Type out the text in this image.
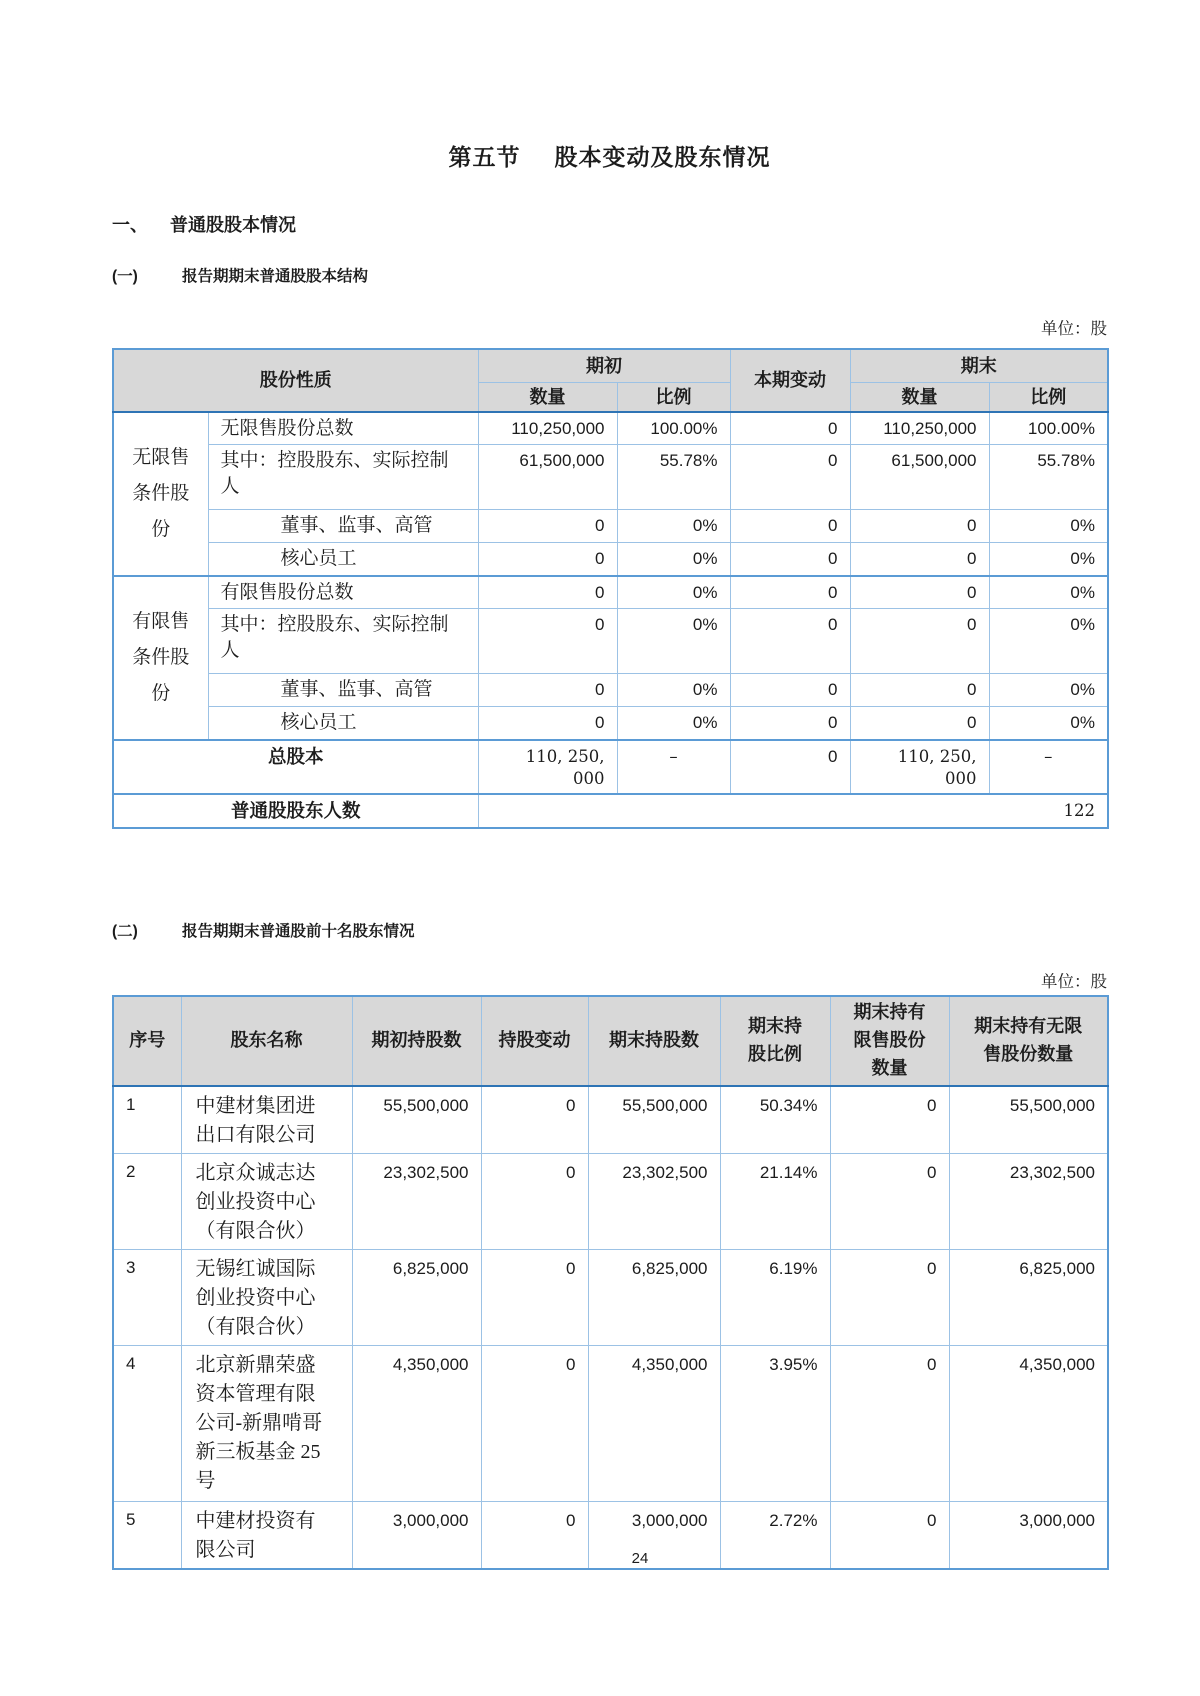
第五节 股本变动及股东情况
一、	普通股股本情况
(一)	报告期期末普通股股本结构
单位：股
股份性质		期初		本期变动	期末	
		数量	比例		数量	比例
无限售条件股份	无限售股份总数	110,250,000	100.00%	0	110,250,000	100.00%
	其中：控股股东、实际控制人	61,500,000	55.78%	0	61,500,000	55.78%
	董事、监事、高管	0	0%	0	0	0%
	核心员工	0	0%	0	0	0%
有限售条件股份	有限售股份总数	0	0%	0	0	0%
	其中：控股股东、实际控制人	0	0%	0	0	0%
	董事、监事、高管	0	0%	0	0	0%
	核心员工	0	0%	0	0	0%
总股本		110, 250, 000	–	0	110, 250, 000	–
普通股股东人数		122				
(二)	报告期期末普通股前十名股东情况
单位：股
序号	股东名称	期初持股数	持股变动	期末持股数	期末持股比例	期末持有限售股份数量	期末持有无限售股份数量
1	中建材集团进出口有限公司	55,500,000	0	55,500,000	50.34%	0	55,500,000
2	北京众诚志达创业投资中心（有限合伙）	23,302,500	0	23,302,500	21.14%	0	23,302,500
3	无锡红诚国际创业投资中心（有限合伙）	6,825,000	0	6,825,000	6.19%	0	6,825,000
4	北京新鼎荣盛资本管理有限公司-新鼎啃哥新三板基金 25 号	4,350,000	0	4,350,000	3.95%	0	4,350,000
5	中建材投资有限公司	3,000,000	0	3,000,000	2.72%	0	3,000,000
24
